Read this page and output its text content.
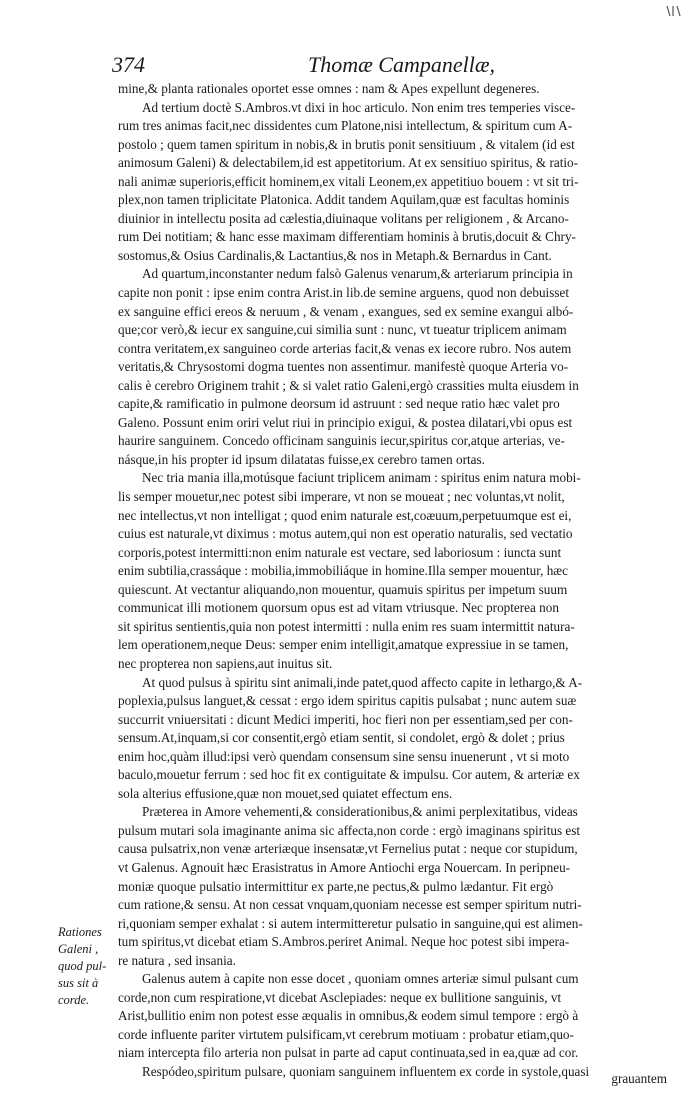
374	Thomæ Campanellæ,
mine,& planta rationales oportet esse omnes : nam & Apes expellunt degeneres.
Ad tertium doctè S.Ambros.vt dixi in hoc articulo. Non enim tres temperies visce-
rum tres animas facit,nec dissidentes cum Platone,nisi intellectum, & spiritum cum A-
postolo ; quem tamen spiritum in nobis,& in brutis ponit sensitiuum , & vitalem (id est
animosum Galeni) & delectabilem,id est appetitorium. At ex sensitiuo spiritus, & ratio-
nali animæ superioris,efficit hominem,ex vitali Leonem,ex appetitiuo bouem : vt sit tri-
plex,non tamen triplicitate Platonica. Addit tandem Aquilam,quæ est facultas hominis
diuinior in intellectu posita ad cælestia,diuinaque volitans per religionem , & Arcano-
rum Dei notitiam; & hanc esse maximam differentiam hominis à brutis,docuit & Chry-
sostomus,& Osius Cardinalis,& Lactantius,& nos in Metaph.& Bernardus in Cant.
Ad quartum,inconstanter nedum falsò Galenus venarum,& arteriarum principia in
capite non ponit : ipse enim contra Arist.in lib.de semine arguens, quod non debuisset
ex sanguine effici ereos & neruum , & venam , exangues, sed ex semine exangui albó-
que;cor verò,& iecur ex sanguine,cui similia sunt : nunc, vt tueatur triplicem animam
contra veritatem,ex sanguineo corde arterias facit,& venas ex iecore rubro. Nos autem
veritatis,& Chrysostomi dogma tuentes non assentimur. manifestè quoque Arteria vo-
calis è cerebro Originem trahit ; & si valet ratio Galeni,ergò crassities multa eiusdem in
capite,& ramificatio in pulmone deorsum id astruunt : sed neque ratio hæc valet pro
Galeno. Possunt enim oriri velut riui in principio exigui, & postea dilatari,vbi opus est
haurire sanguinem. Concedo officinam sanguinis iecur,spiritus cor,atque arterias, ve-
násque,in his propter id ipsum dilatatas fuisse,ex cerebro tamen ortas.
Nec tria mania illa,motúsque faciunt triplicem animam : spiritus enim natura mobi-
lis semper mouetur,nec potest sibi imperare, vt non se moueat ; nec voluntas,vt nolit,
nec intellectus,vt non intelligat ; quod enim naturale est,coæuum,perpetuumque est ei,
cuius est naturale,vt diximus : motus autem,qui non est operatio naturalis, sed vectatio
corporis,potest intermitti:non enim naturale est vectare, sed laboriosum : iuncta sunt
enim subtilia,crassáque : mobilia,immobiliáque in homine.Illa semper mouentur, hæc
quiescunt. At vectantur aliquando,non mouentur, quamuis spiritus per impetum suum
communicat illi motionem quorsum opus est ad vitam vtriusque. Nec propterea non
sit spiritus sentientis,quia non potest intermitti : nulla enim res suam intermittit natura-
lem operationem,neque Deus: semper enim intelligit,amatque expressiue in se tamen,
nec propterea non sapiens,aut inuitus sit.
At quod pulsus à spiritu sint animali,inde patet,quod affecto capite in lethargo,& A-
poplexia,pulsus languet,& cessat : ergo idem spiritus capitis pulsabat ; nunc autem suæ
succurrit vniuersitati : dicunt Medici imperiti, hoc fieri non per essentiam,sed per con-
sensum.At,inquam,si cor consentit,ergò etiam sentit, si condolet, ergò & dolet ; prius
enim hoc,quàm illud:ipsi verò quendam consensum sine sensu inuenerunt , vt si moto
baculo,mouetur ferrum : sed hoc fit ex contiguitate & impulsu. Cor autem, & arteriæ ex
sola alterius effusione,quæ non mouet,sed quiatet effectum ens.
Præterea in Amore vehementi,& considerationibus,& animi perplexitatibus, videas
pulsum mutari sola imaginante anima sic affecta,non corde : ergò imaginans spiritus est
causa pulsatrix,non venæ arteriæque insensatæ,vt Fernelius putat : neque cor stupidum,
vt Galenus. Agnouit hæc Erasistratus in Amore Antiochi erga Nouercam. In peripneu-
moniæ quoque pulsatio intermittitur ex parte,ne pectus,& pulmo lædantur. Fit ergò
cum ratione,& sensu. At non cessat vnquam,quoniam necesse est semper spiritum nutri-
ri,quoniam semper exhalat : si autem intermitteretur pulsatio in sanguine,qui est alimen-
tum spiritus,vt dicebat etiam S.Ambros.periret Animal. Neque hoc potest sibi impera-
re natura , sed insania.
Galenus autem à capite non esse docet , quoniam omnes arteriæ simul pulsant cum
corde,non cum respiratione,vt dicebat Asclepiades: neque ex bullitione sanguinis, vt
Arist,bullitio enim non potest esse æqualis in omnibus,& eodem simul tempore : ergò à
corde influente pariter virtutem pulsificam,vt cerebrum motiuam : probatur etiam,quo-
niam intercepta filo arteria non pulsat in parte ad caput continuata,sed in ea,quæ ad cor.
Respódeo,spiritum pulsare, quoniam sanguinem influentem ex corde in systole,quasi
Rationes
Galeni ,
quod pul-
sus sit à
corde.
grauantem
